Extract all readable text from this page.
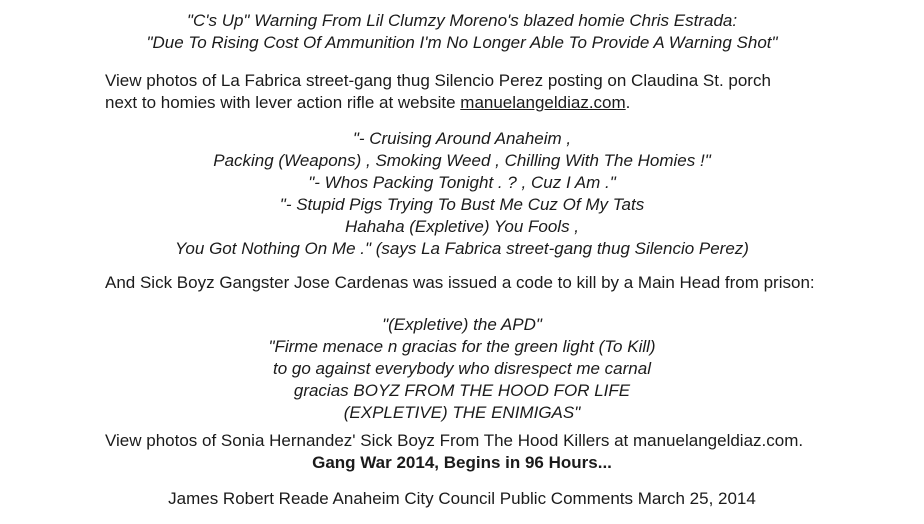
"C's Up" Warning From Lil Clumzy Moreno's blazed homie Chris Estrada:
"Due To Rising Cost Of Ammunition I'm No Longer Able To Provide A Warning Shot"
View photos of La Fabrica street-gang thug Silencio Perez posting on Claudina St. porch
next to homies with lever action rifle at website manuelangeldiaz.com.
"- Cruising Around Anaheim ,
Packing (Weapons) , Smoking Weed , Chilling With The Homies !"
"- Whos Packing Tonight . ? , Cuz I Am ."
"- Stupid Pigs Trying To Bust Me Cuz Of My Tats
Hahaha (Expletive) You Fools ,
You Got Nothing On Me ." (says La Fabrica street-gang thug Silencio Perez)
And Sick Boyz Gangster Jose Cardenas was issued a code to kill by a Main Head from prison:
"(Expletive) the APD"
"Firme menace n gracias for the green light (To Kill)
to go against everybody who disrespect me carnal
gracias BOYZ FROM THE HOOD FOR LIFE
(EXPLETIVE) THE ENIMIGAS"
View photos of Sonia Hernandez' Sick Boyz From The Hood Killers at manuelangeldiaz.com.
Gang War 2014, Begins in 96 Hours...
James Robert Reade Anaheim City Council Public Comments March 25, 2014
